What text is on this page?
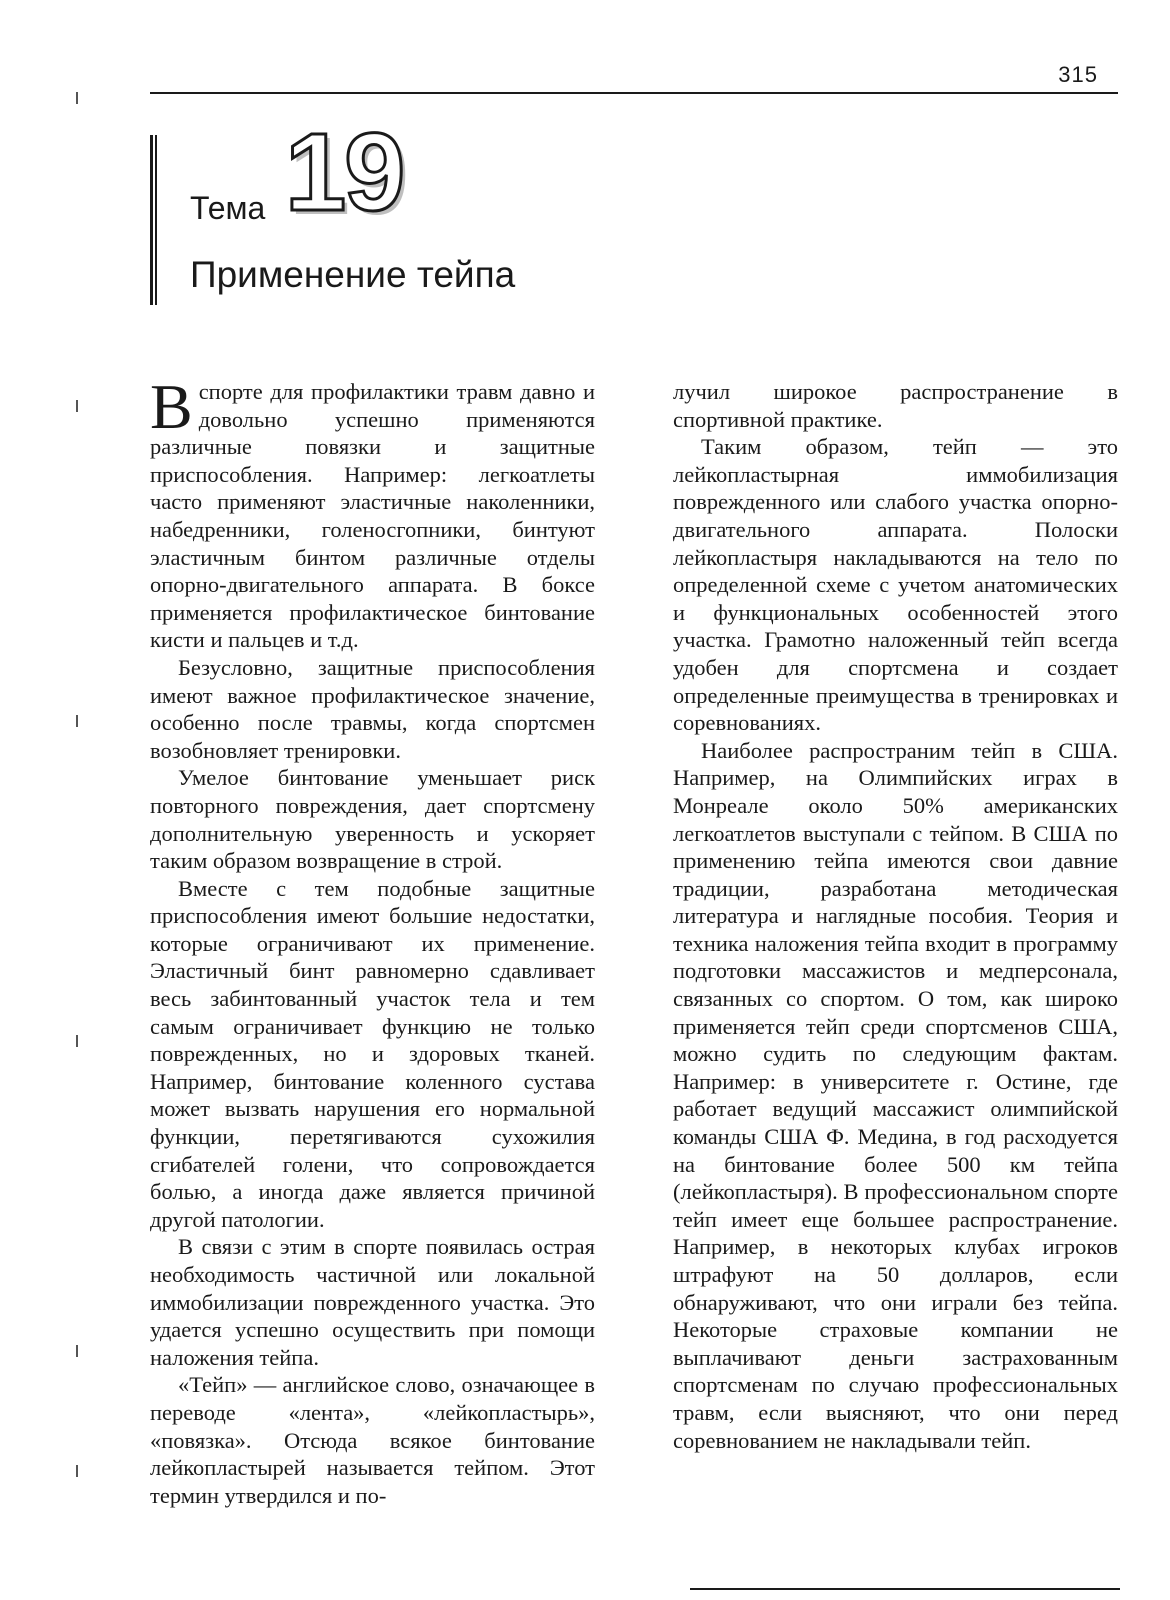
315
Тема 19
Применение тейпа

В спорте для профилактики травм давно и довольно успешно применяются различные повязки и защитные приспособления. Например: легкоатлеты часто применяют эластичные наколенники, набедренники, голеносгопники, бинтуют эластичным бинтом различные отделы опорно-двигательного аппарата. В боксе применяется профилактическое бинтование кисти и пальцев и т.д.

Безусловно, защитные приспособления имеют важное профилактическое значение, особенно после травмы, когда спортсмен возобновляет тренировки.

Умелое бинтование уменьшает риск повторного повреждения, дает спортсмену дополнительную уверенность и ускоряет таким образом возвращение в строй.

Вместе с тем подобные защитные приспособления имеют большие недостатки, которые ограничивают их применение. Эластичный бинт равномерно сдавливает весь забинтованный участок тела и тем самым ограничивает функцию не только поврежденных, но и здоровых тканей. Например, бинтование коленного сустава может вызвать нарушения его нормальной функции, перетягиваются сухожилия сгибателей голени, что сопровождается болью, а иногда даже является причиной другой патологии.

В связи с этим в спорте появилась острая необходимость частичной или локальной иммобилизации поврежденного участка. Это удается успешно осуществить при помощи наложения тейпа.

«Тейп» — английское слово, означающее в переводе «лента», «лейкопластырь», «повязка». Отсюда всякое бинтование лейкопластырей называется тейпом. Этот термин утвердился и по-

лучил широкое распространение в спортивной практике.

Таким образом, тейп — это лейкопластырная иммобилизация поврежденного или слабого участка опорно-двигательного аппарата. Полоски лейкопластыря накладываются на тело по определенной схеме с учетом анатомических и функциональных особенностей этого участка. Грамотно наложенный тейп всегда удобен для спортсмена и создает определенные преимущества в тренировках и соревнованиях.

Наиболее распространим тейп в США. Например, на Олимпийских играх в Монреале около 50% американских легкоатлетов выступали с тейпом. В США по применению тейпа имеются свои давние традиции, разработана методическая литература и наглядные пособия. Теория и техника наложения тейпа входит в программу подготовки массажистов и медперсонала, связанных со спортом. О том, как широко применяется тейп среди спортсменов США, можно судить по следующим фактам. Например: в университете г. Остине, где работает ведущий массажист олимпийской команды США Ф. Медина, в год расходуется на бинтование более 500 км тейпа (лейкопластыря). В профессиональном спорте тейп имеет еще большее распространение. Например, в некоторых клубах игроков штрафуют на 50 долларов, если обнаруживают, что они играли без тейпа. Некоторые страховые компании не выплачивают деньги застрахованным спортсменам по случаю профессиональных травм, если выясняют, что они перед соревнованием не накладывали тейп.
